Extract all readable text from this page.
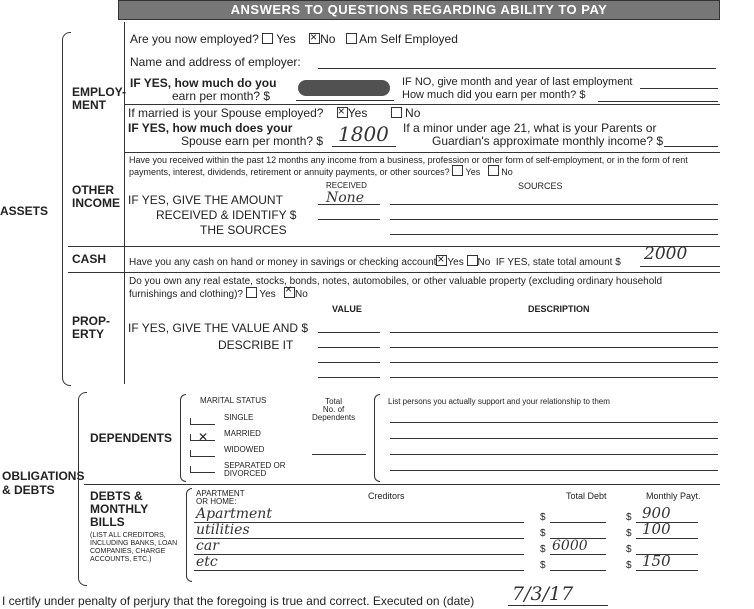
ANSWERS TO QUESTIONS REGARDING ABILITY TO PAY
ASSETS
OBLIGATIONS
& DEBTS
EMPLOY-
MENT
Are you now employed? Yes × No Am Self Employed
Name and address of employer:
IF YES, how much do you
earn per month? $
IF NO, give month and year of last employment
How much did you earn per month? $
If married is your Spouse employed? × Yes	No
IF YES, how much does your
Spouse earn per month? $ 1800 If a minor under age 21, what is your Parents or
Guardian's approximate monthly income? $
OTHER
INCOME
Have you received within the past 12 months any income from a business, profession or other form of self-employment, or in the form of rent payments, interest, dividends, retirement or annuity payments, or other sources? Yes No
RECEIVED	SOURCES
IF YES, GIVE THE AMOUNT
RECEIVED & IDENTIFY $
THE SOURCES
None
CASH Have you any cash on hand or money in savings or checking account × Yes No IF YES, state total amount $ 2000
PROP-
ERTY
Do you own any real estate, stocks, bonds, notes, automobiles, or other valuable property (excluding ordinary household furnishings and clothing)? Yes × No
VALUE	DESCRIPTION
IF YES, GIVE THE VALUE AND $
DESCRIBE IT
DEPENDENTS
MARITAL STATUS
SINGLE
✕	MARRIED
WIDOWED
SEPARATED OR DIVORCED
Total
No. of
Dependents
List persons you actually support and your relationship to them
DEBTS &
MONTHLY
BILLS
(LIST ALL CREDITORS, INCLUDING BANKS, LOAN COMPANIES, CHARGE ACCOUNTS, ETC.)
APARTMENT OR HOME:
Creditors	Total Debt	Monthly Payt.
Apartment	$	$ 900
utilities	$	$ 100
car	$ 6000	$
etc	$	$ 150
I certify under penalty of perjury that the foregoing is true and correct. Executed on (date) 7/3/17
